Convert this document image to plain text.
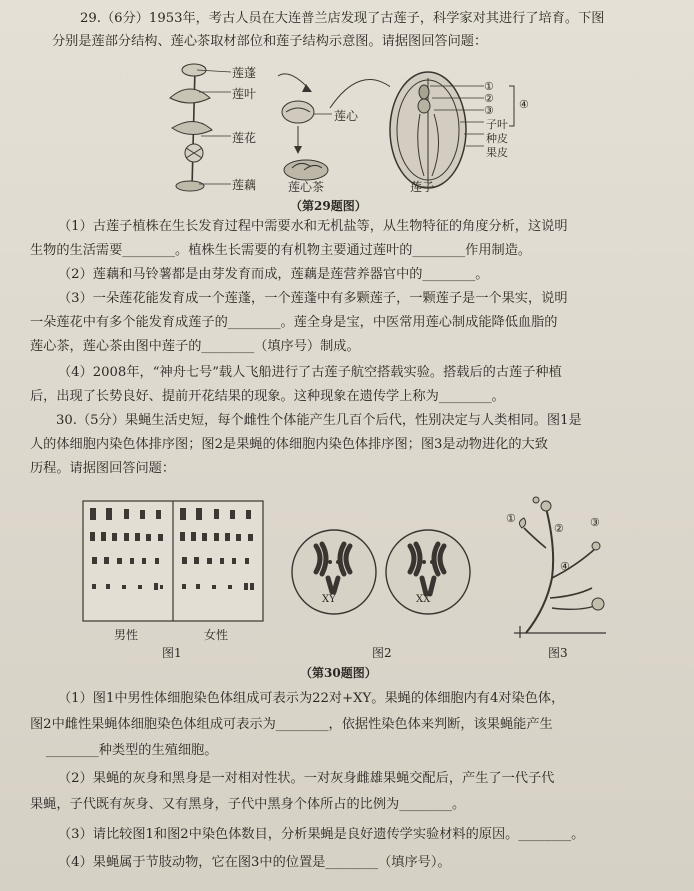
29.（6分）1953年，考古人员在大连普兰店发现了古莲子，科学家对其进行了培育。下图
分别是莲部分结构、莲心茶取材部位和莲子结构示意图。请据图回答问题：
莲蓬
莲叶
莲花
莲藕
莲心
莲心茶
①
②
③
子叶
种皮
果皮
④
莲子
（第29题图）
（1）古莲子植株在生长发育过程中需要水和无机盐等，从生物特征的角度分析，这说明
生物的生活需要________。植株生长需要的有机物主要通过莲叶的________作用制造。
（2）莲藕和马铃薯都是由芽发育而成，莲藕是莲营养器官中的________。
（3）一朵莲花能发育成一个莲蓬，一个莲蓬中有多颗莲子，一颗莲子是一个果实，说明
一朵莲花中有多个能发育成莲子的________。莲全身是宝，中医常用莲心制成能降低血脂的
莲心茶，莲心茶由图中莲子的________（填序号）制成。
（4）2008年，“神舟七号”载人飞船进行了古莲子航空搭载实验。搭载后的古莲子种植
后，出现了长势良好、提前开花结果的现象。这种现象在遗传学上称为________。
30.（5分）果蝇生活史短，每个雌性个体能产生几百个后代，性别决定与人类相同。图1是
人的体细胞内染色体排序图；图2是果蝇的体细胞内染色体排序图；图3是动物进化的大致
历程。请据图回答问题：
男性	女性
图1
XY	XX
图2
①
② ③
④
图3
（第30题图）
（1）图1中男性体细胞染色体组成可表示为22对+XY。果蝇的体细胞内有4对染色体，
图2中雌性果蝇体细胞染色体组成可表示为________，依据性染色体来判断，该果蝇能产生
________种类型的生殖细胞。
（2）果蝇的灰身和黑身是一对相对性状。一对灰身雌雄果蝇交配后，产生了一代子代
果蝇，子代既有灰身、又有黑身，子代中黑身个体所占的比例为________。
（3）请比较图1和图2中染色体数目，分析果蝇是良好遗传学实验材料的原因。________。
（4）果蝇属于节肢动物，它在图3中的位置是________（填序号）。
